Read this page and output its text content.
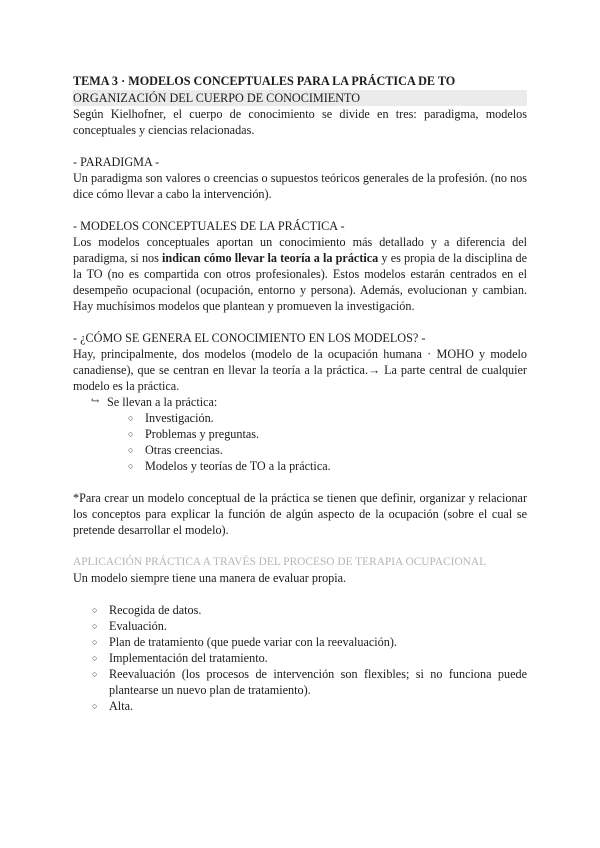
TEMA 3 · MODELOS CONCEPTUALES PARA LA PRÁCTICA DE TO
ORGANIZACIÓN DEL CUERPO DE CONOCIMIENTO

Según Kielhofner, el cuerpo de conocimiento se divide en tres: paradigma, modelos conceptuales y ciencias relacionadas.

- PARADIGMA -

Un paradigma son valores o creencias o supuestos teóricos generales de la profesión. (no nos dice cómo llevar a cabo la intervención).

- MODELOS CONCEPTUALES DE LA PRÁCTICA -

Los modelos conceptuales aportan un conocimiento más detallado y a diferencia del paradigma, si nos indican cómo llevar la teoría a la práctica y es propia de la disciplina de la TO (no es compartida con otros profesionales). Estos modelos estarán centrados en el desempeño ocupacional (ocupación, entorno y persona). Además, evolucionan y cambian. Hay muchísimos modelos que plantean y promueven la investigación.

- ¿CÓMO SE GENERA EL CONOCIMIENTO EN LOS MODELOS? -

Hay, principalmente, dos modelos (modelo de la ocupación humana · MOHO y modelo canadiense), que se centran en llevar la teoría a la práctica.→ La parte central de cualquier modelo es la práctica.

↪ Se llevan a la práctica:
○ Investigación.
○ Problemas y preguntas.
○ Otras creencias.
○ Modelos y teorías de TO a la práctica.

*Para crear un modelo conceptual de la práctica se tienen que definir, organizar y relacionar los conceptos para explicar la función de algún aspecto de la ocupación (sobre el cual se pretende desarrollar el modelo).

APLICACIÓN PRÁCTICA A TRAVÉS DEL PROCESO DE TERAPIA OCUPACIONAL

Un modelo siempre tiene una manera de evaluar propia.

○ Recogida de datos.
○ Evaluación.
○ Plan de tratamiento (que puede variar con la reevaluación).
○ Implementación del tratamiento.
○ Reevaluación (los procesos de intervención son flexibles; si no funciona puede plantearse un nuevo plan de tratamiento).
○ Alta.
